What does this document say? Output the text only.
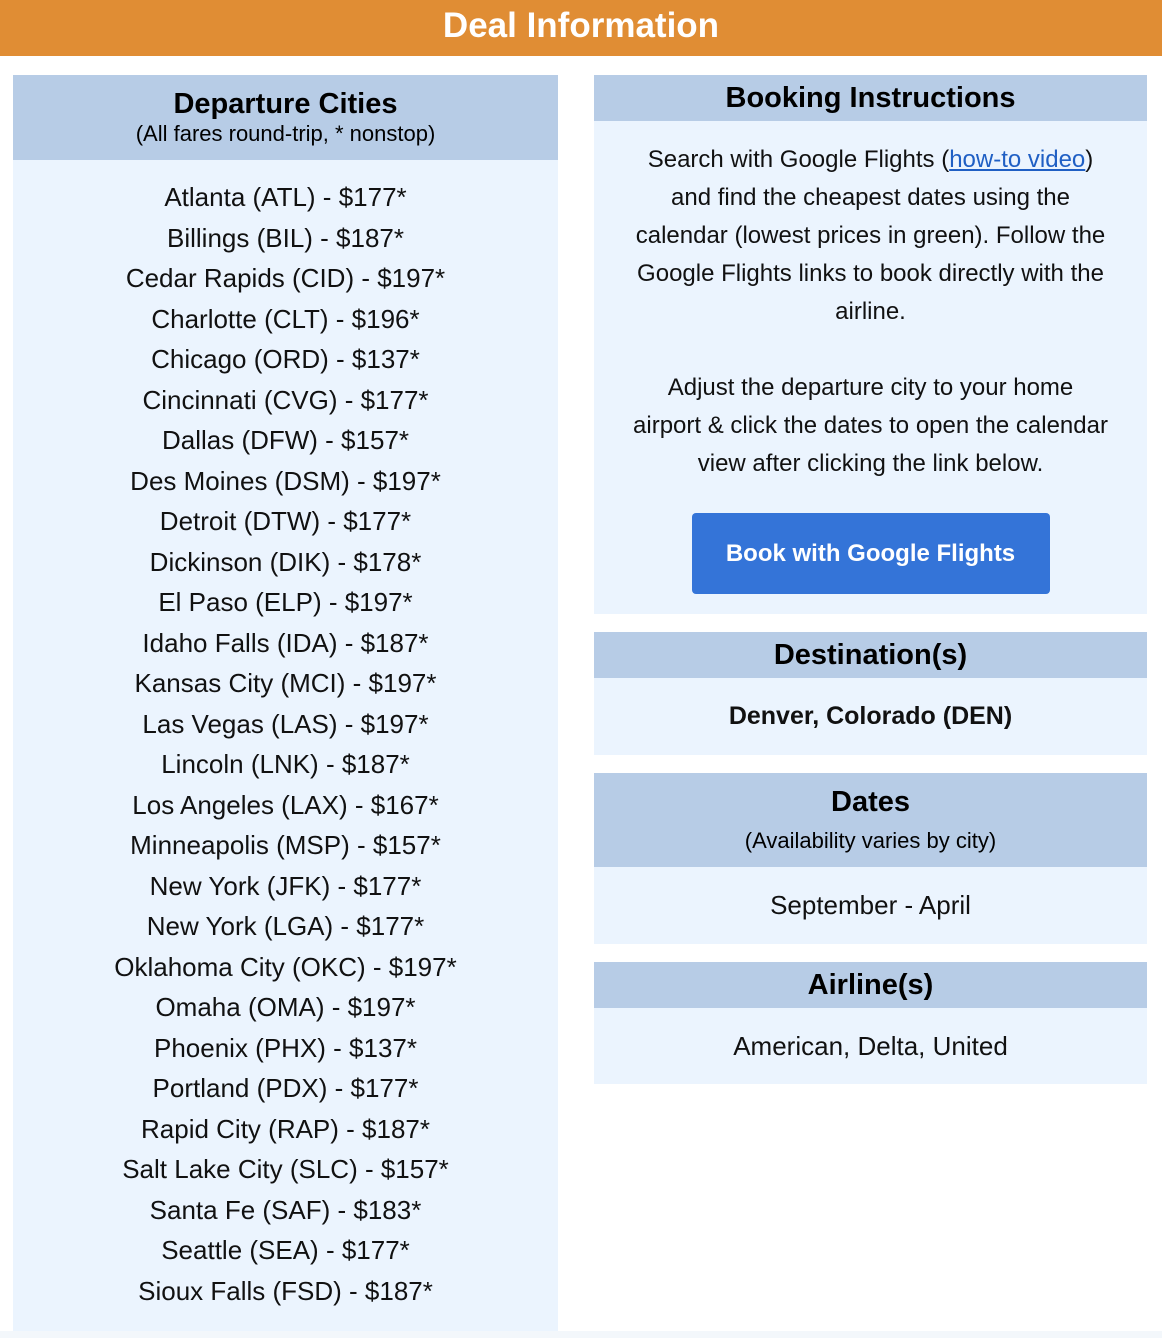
Deal Information
Departure Cities
(All fares round-trip, * nonstop)
Atlanta (ATL) - $177*
Billings (BIL) - $187*
Cedar Rapids (CID) - $197*
Charlotte (CLT) - $196*
Chicago (ORD) - $137*
Cincinnati (CVG) - $177*
Dallas (DFW) - $157*
Des Moines (DSM) - $197*
Detroit (DTW) - $177*
Dickinson (DIK) - $178*
El Paso (ELP) - $197*
Idaho Falls (IDA) - $187*
Kansas City (MCI) - $197*
Las Vegas (LAS) - $197*
Lincoln (LNK) - $187*
Los Angeles (LAX) - $167*
Minneapolis (MSP) - $157*
New York (JFK) - $177*
New York (LGA) - $177*
Oklahoma City (OKC) - $197*
Omaha (OMA) - $197*
Phoenix (PHX) - $137*
Portland (PDX) - $177*
Rapid City (RAP) - $187*
Salt Lake City (SLC) - $157*
Santa Fe (SAF) - $183*
Seattle (SEA) - $177*
Sioux Falls (FSD) - $187*
Booking Instructions

Search with Google Flights (how-to video) and find the cheapest dates using the calendar (lowest prices in green). Follow the Google Flights links to book directly with the airline.

Adjust the departure city to your home airport & click the dates to open the calendar view after clicking the link below.

Book with Google Flights
Destination(s)
Denver, Colorado (DEN)
Dates
(Availability varies by city)
September - April
Airline(s)
American, Delta, United
